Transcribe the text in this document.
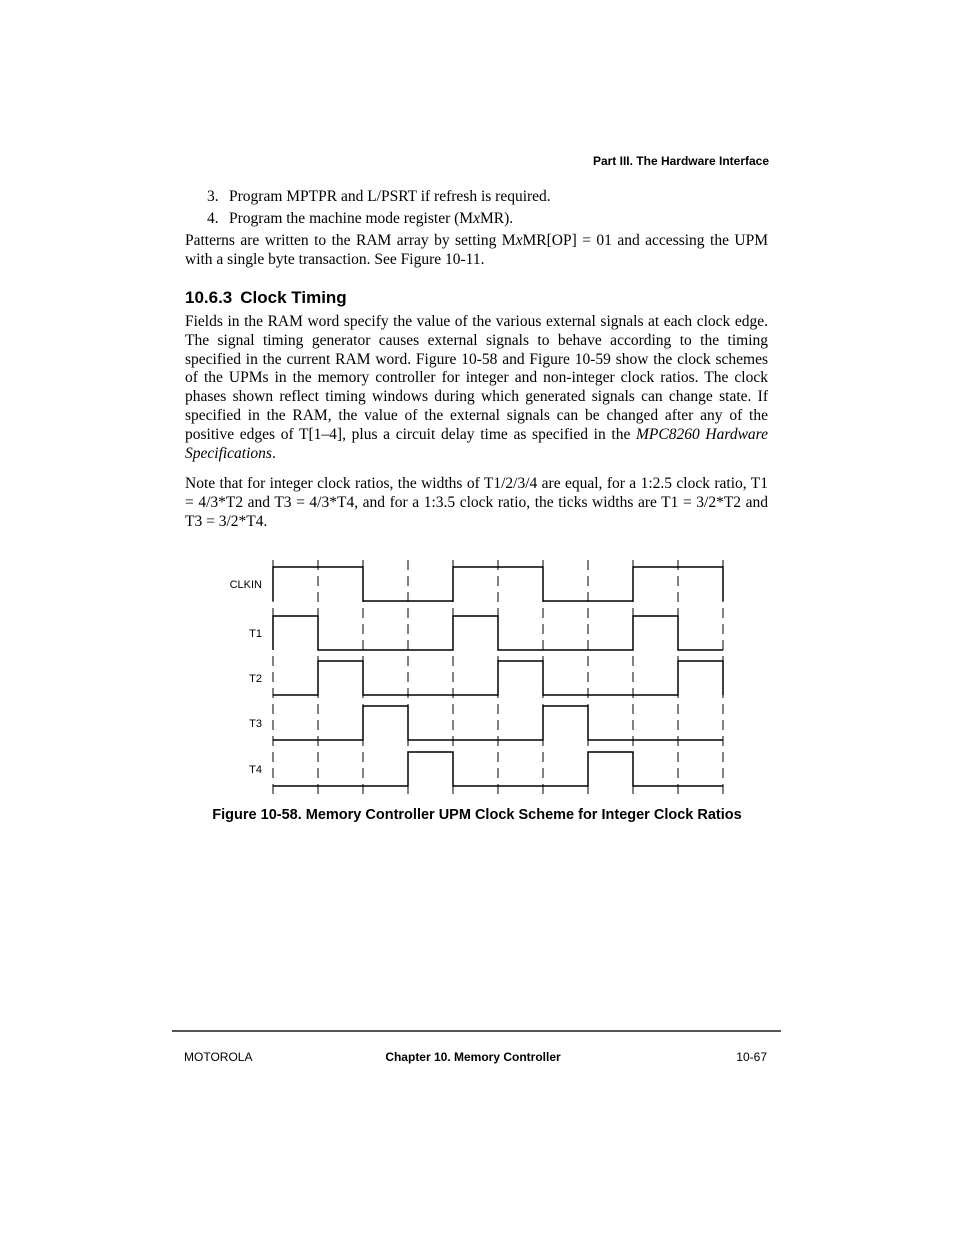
Part III. The Hardware Interface
3. Program MPTPR and L/PSRT if refresh is required.
4. Program the machine mode register (MxMR).

Patterns are written to the RAM array by setting MxMR[OP] = 01 and accessing the UPM with a single byte transaction. See Figure 10-11.

10.6.3 Clock Timing

Fields in the RAM word specify the value of the various external signals at each clock edge. The signal timing generator causes external signals to behave according to the timing specified in the current RAM word. Figure 10-58 and Figure 10-59 show the clock schemes of the UPMs in the memory controller for integer and non-integer clock ratios. The clock phases shown reflect timing windows during which generated signals can change state. If specified in the RAM, the value of the external signals can be changed after any of the positive edges of T[1–4], plus a circuit delay time as specified in the MPC8260 Hardware Specifications.

Note that for integer clock ratios, the widths of T1/2/3/4 are equal, for a 1:2.5 clock ratio, T1 = 4/3*T2 and T3 = 4/3*T4, and for a 1:3.5 clock ratio, the ticks widths are T1 = 3/2*T2 and T3 = 3/2*T4.

CLKIN
T1
T2
T3
T4
Figure 10-58. Memory Controller UPM Clock Scheme for Integer Clock Ratios
MOTOROLA	Chapter 10. Memory Controller	10-67
